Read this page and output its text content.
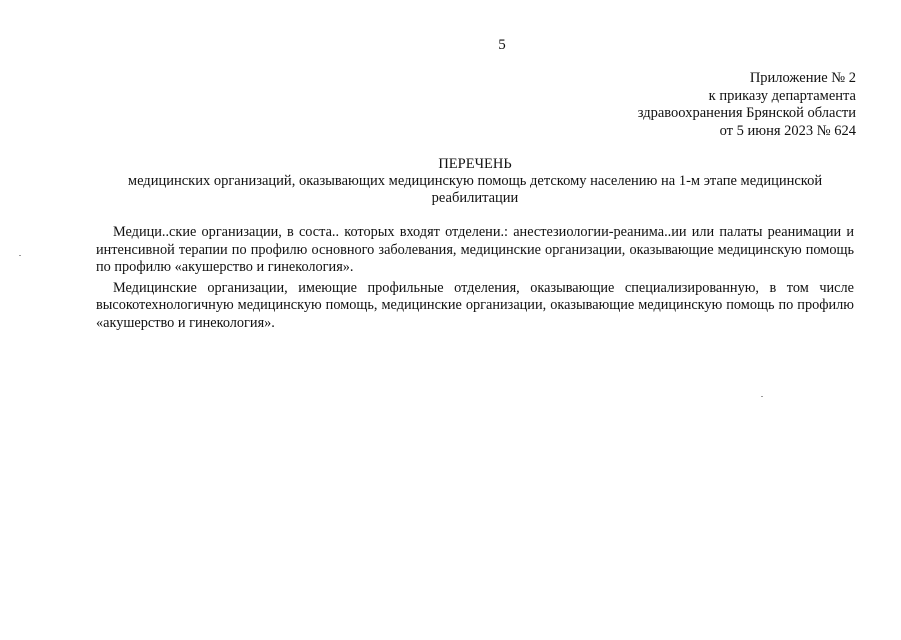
5
Приложение № 2
к приказу департамента
здравоохранения Брянской области
от 5 июня 2023 № 624
ПЕРЕЧЕНЬ
медицинских организаций, оказывающих медицинскую помощь детскому населению на 1-м этапе медицинской реабилитации

Медици..ские организации, в соста.. которых входят отделени.: анестезиологии-реанима..ии или палаты реанимации и интенсивной терапии по профилю основного заболевания, медицинские организации, оказывающие медицинскую помощь по профилю «акушерство и гинекология».

Медицинские организации, имеющие профильные отделения, оказывающие специализированную, в том числе высокотехнологичную медицинскую помощь, медицинские организации, оказывающие медицинскую помощь по профилю «акушерство и гинекология».
